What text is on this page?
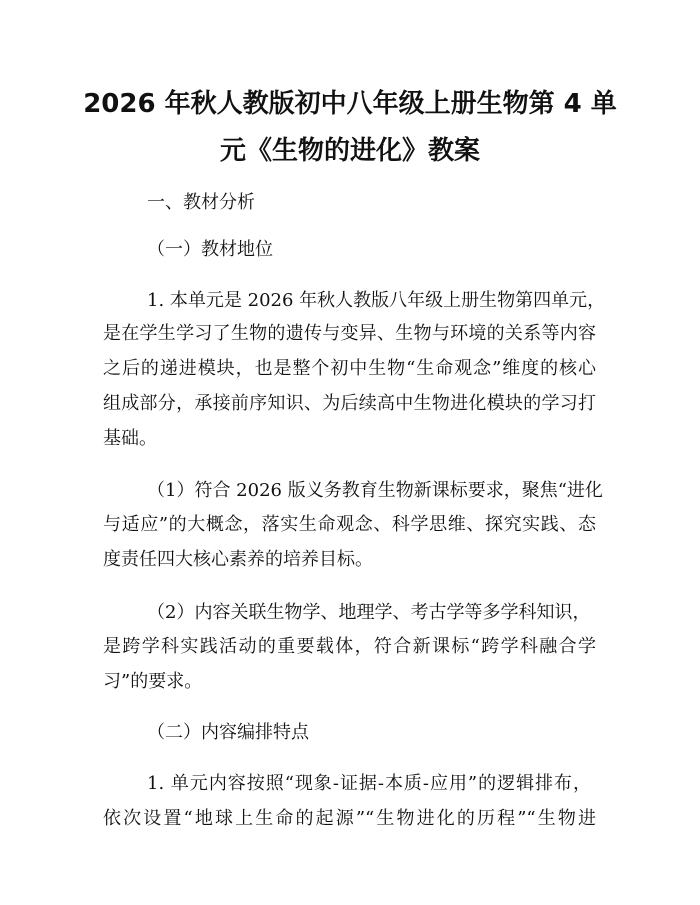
2026 年秋人教版初中八年级上册生物第 4 单
元《生物的进化》教案
一、教材分析
（一）教材地位
1. 本单元是 2026 年秋人教版八年级上册生物第四单元，
是在学生学习了生物的遗传与变异、生物与环境的关系等内容
之后的递进模块，也是整个初中生物“生命观念”维度的核心
组成部分，承接前序知识、为后续高中生物进化模块的学习打
基础。
（1）符合 2026 版义务教育生物新课标要求，聚焦“进化
与适应”的大概念，落实生命观念、科学思维、探究实践、态
度责任四大核心素养的培养目标。
（2）内容关联生物学、地理学、考古学等多学科知识，
是跨学科实践活动的重要载体，符合新课标“跨学科融合学
习”的要求。
（二）内容编排特点
1. 单元内容按照“现象-证据-本质-应用”的逻辑排布，
依次设置“地球上生命的起源”“生物进化的历程”“生物进
